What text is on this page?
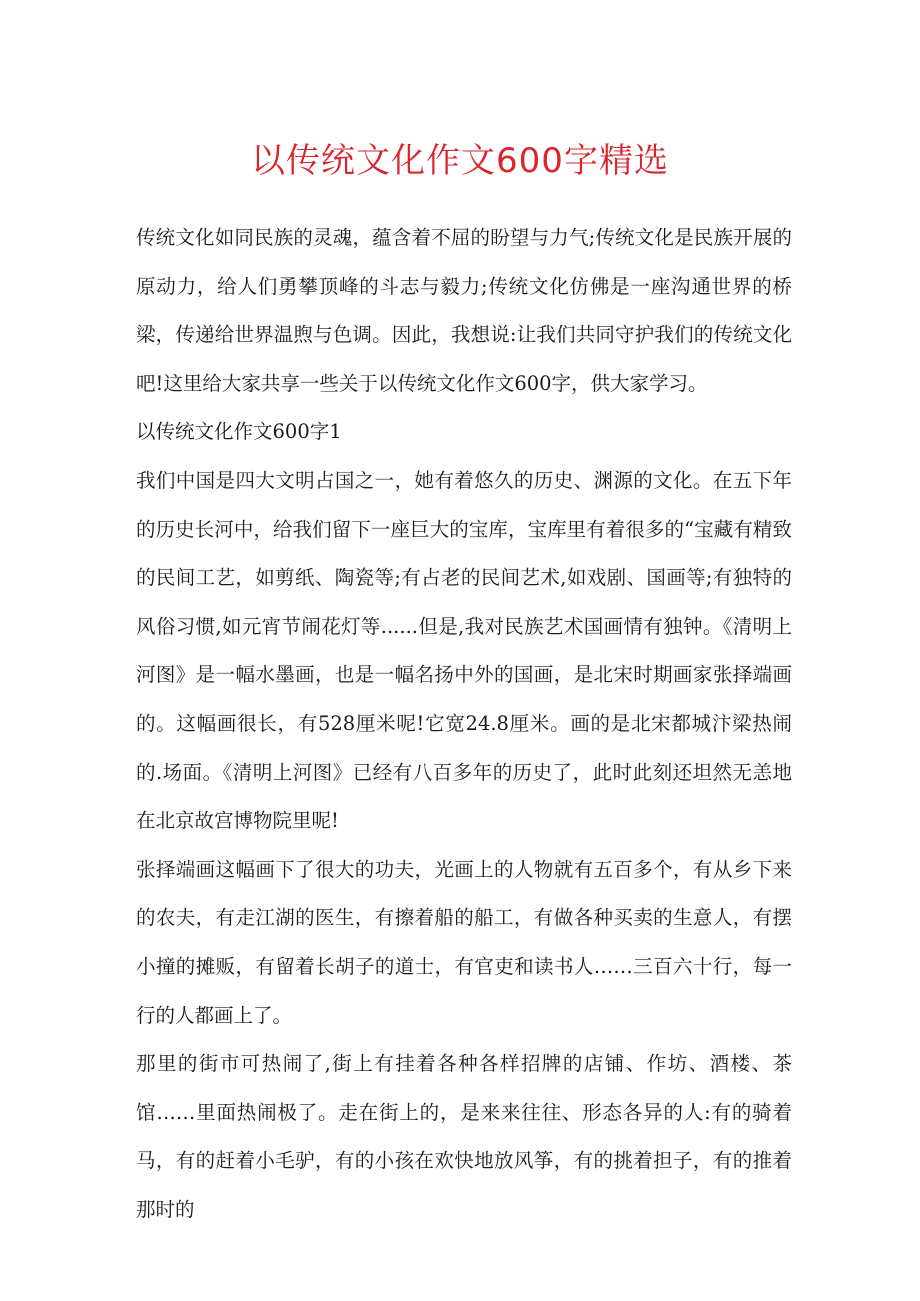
以传统文化作文600字精选

传统文化如同民族的灵魂，蕴含着不屈的盼望与力气;传统文化是民族开展的原动力，给人们勇攀顶峰的斗志与毅力;传统文化仿佛是一座沟通世界的桥梁，传递给世界温煦与色调。因此，我想说:让我们共同守护我们的传统文化吧!这里给大家共享一些关于以传统文化作文600字，供大家学习。

以传统文化作文600字1

我们中国是四大文明占国之一，她有着悠久的历史、渊源的文化。在五下年的历史长河中，给我们留下一座巨大的宝库，宝库里有着很多的“宝藏有精致的民间工艺，如剪纸、陶瓷等;有占老的民间艺术,如戏剧、国画等;有独特的风俗习惯,如元宵节闹花灯等......但是,我对民族艺术国画情有独钟。《清明上河图》是一幅水墨画，也是一幅名扬中外的国画，是北宋时期画家张择端画的。这幅画很长，有528厘米呢!它宽24.8厘米。画的是北宋都城汴梁热闹的.场面。《清明上河图》已经有八百多年的历史了，此时此刻还坦然无恙地在北京故宫博物院里呢!

张择端画这幅画下了很大的功夫，光画上的人物就有五百多个，有从乡下来的农夫，有走江湖的医生，有擦着船的船工，有做各种买卖的生意人，有摆小撞的摊贩，有留着长胡子的道士，有官吏和读书人……三百六十行，每一行的人都画上了。

那里的街市可热闹了,街上有挂着各种各样招牌的店铺、作坊、酒楼、茶馆……里面热闹极了。走在街上的，是来来往往、形态各异的人:有的骑着马，有的赶着小毛驴，有的小孩在欢快地放风筝，有的挑着担子，有的推着那时的
